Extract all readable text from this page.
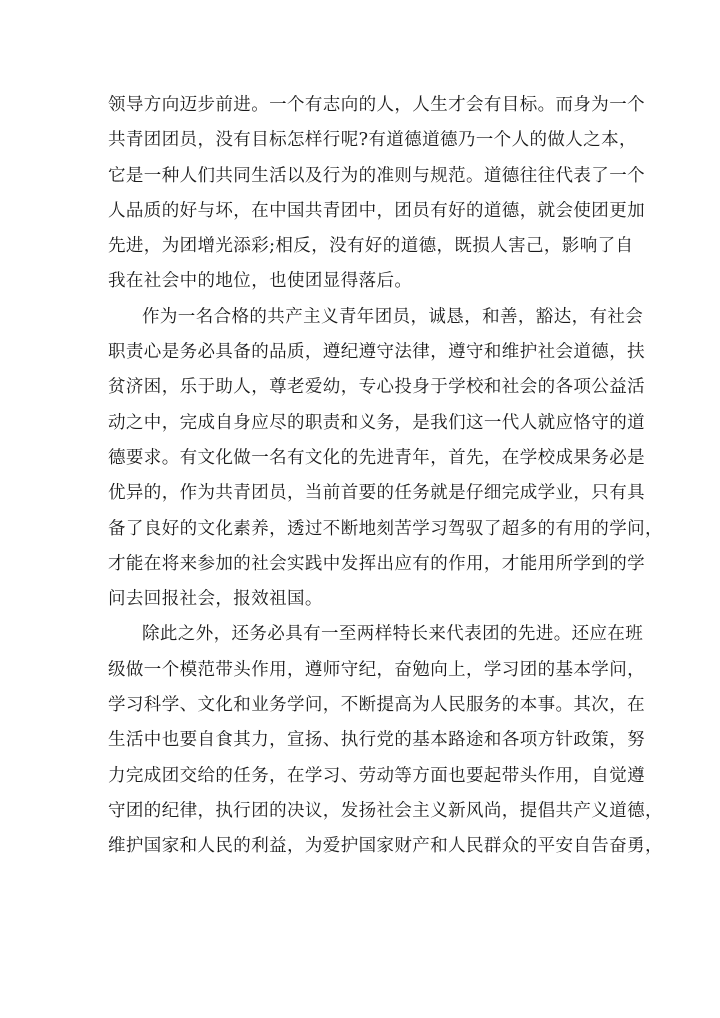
领导方向迈步前进。一个有志向的人，人生才会有目标。而身为一个
共青团团员，没有目标怎样行呢?有道德道德乃一个人的做人之本，
它是一种人们共同生活以及行为的准则与规范。道德往往代表了一个
人品质的好与坏，在中国共青团中，团员有好的道德，就会使团更加
先进，为团增光添彩;相反，没有好的道德，既损人害己，影响了自
我在社会中的地位，也使团显得落后。
作为一名合格的共产主义青年团员，诚恳，和善，豁达，有社会
职责心是务必具备的品质，遵纪遵守法律，遵守和维护社会道德，扶
贫济困，乐于助人，尊老爱幼，专心投身于学校和社会的各项公益活
动之中，完成自身应尽的职责和义务，是我们这一代人就应恪守的道
德要求。有文化做一名有文化的先进青年，首先，在学校成果务必是
优异的，作为共青团员，当前首要的任务就是仔细完成学业，只有具
备了良好的文化素养，透过不断地刻苦学习驾驭了超多的有用的学问，
才能在将来参加的社会实践中发挥出应有的作用，才能用所学到的学
问去回报社会，报效祖国。
除此之外，还务必具有一至两样特长来代表团的先进。还应在班
级做一个模范带头作用，遵师守纪，奋勉向上，学习团的基本学问，
学习科学、文化和业务学问，不断提高为人民服务的本事。其次，在
生活中也要自食其力，宣扬、执行党的基本路途和各项方针政策，努
力完成团交给的任务，在学习、劳动等方面也要起带头作用，自觉遵
守团的纪律，执行团的决议，发扬社会主义新风尚，提倡共产义道德，
维护国家和人民的利益，为爱护国家财产和人民群众的平安自告奋勇，
